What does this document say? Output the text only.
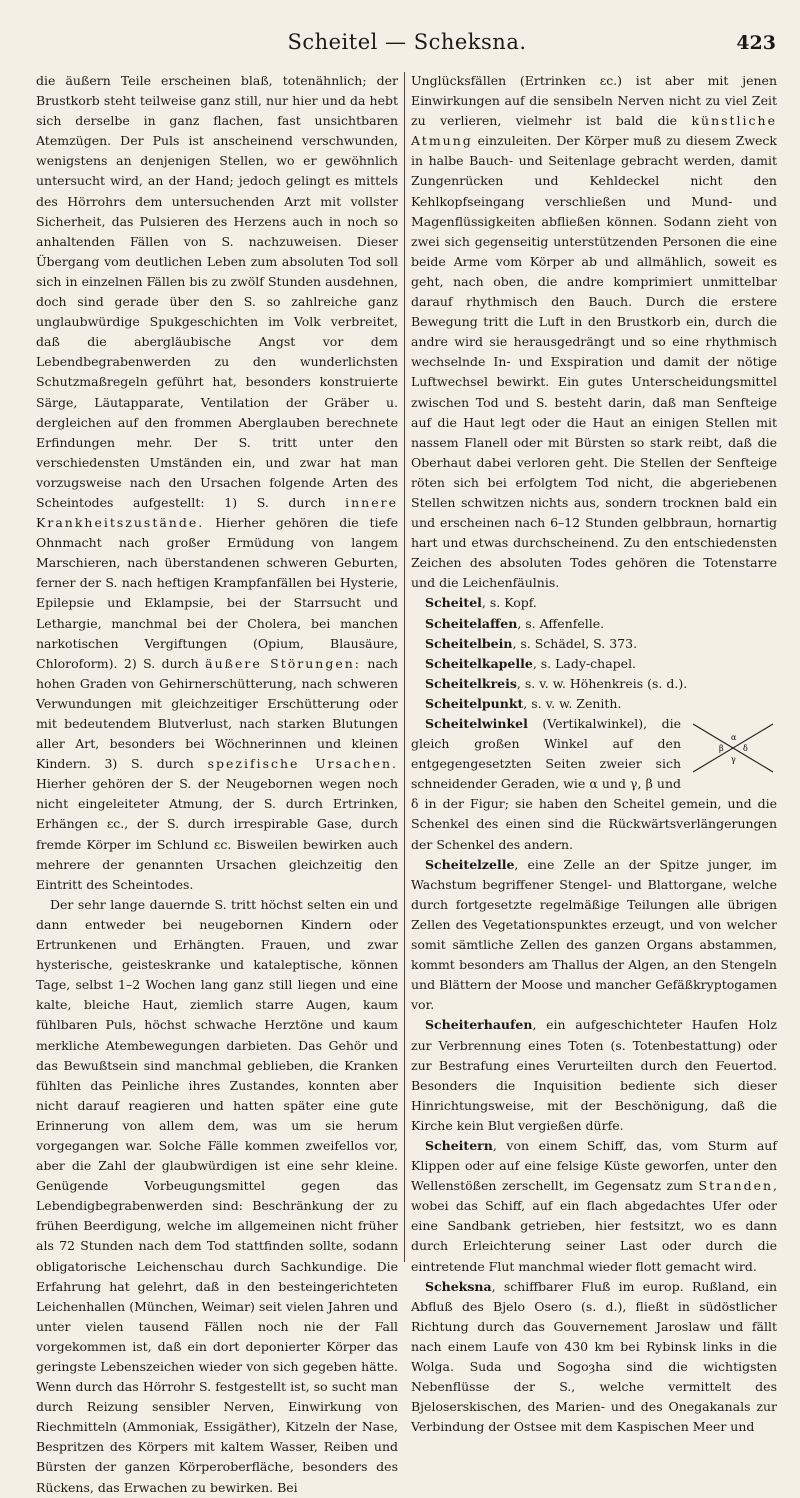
Scheitel — Scheksna.	423

die äußern Teile erscheinen blaß, totenähnlich; der Brustkorb steht teilweise ganz still, nur hier und da hebt sich derselbe in ganz flachen, fast unsichtbaren Atemzügen. Der Puls ist anscheinend verschwunden, wenigstens an denjenigen Stellen, wo er gewöhnlich untersucht wird, an der Hand; jedoch gelingt es mittels des Hörrohrs dem untersuchenden Arzt mit vollster Sicherheit, das Pulsieren des Herzens auch in noch so anhaltenden Fällen von S. nachzuweisen. Dieser Übergang vom deutlichen Leben zum absoluten Tod soll sich in einzelnen Fällen bis zu zwölf Stunden ausdehnen, doch sind gerade über den S. so zahlreiche ganz unglaubwürdige Spukgeschichten im Volk verbreitet, daß die abergläubische Angst vor dem Lebendbegrabenwerden zu den wunderlichsten Schutzmaßregeln geführt hat, besonders konstruierte Särge, Läutapparate, Ventilation der Gräber u. dergleichen auf den frommen Aberglauben berechnete Erfindungen mehr. Der S. tritt unter den verschiedensten Umständen ein, und zwar hat man vorzugsweise nach den Ursachen folgende Arten des Scheintodes aufgestellt: 1) S. durch innere Krankheitszustände. Hierher gehören die tiefe Ohnmacht nach großer Ermüdung von langem Marschieren, nach überstandenen schweren Geburten, ferner der S. nach heftigen Krampfanfällen bei Hysterie, Epilepsie und Eklampsie, bei der Starrsucht und Lethargie, manchmal bei der Cholera, bei manchen narkotischen Vergiftungen (Opium, Blausäure, Chloroform). 2) S. durch äußere Störungen: nach hohen Graden von Gehirnerschütterung, nach schweren Verwundungen mit gleichzeitiger Erschütterung oder mit bedeutendem Blutverlust, nach starken Blutungen aller Art, besonders bei Wöchnerinnen und kleinen Kindern. 3) S. durch spezifische Ursachen. Hierher gehören der S. der Neugebornen wegen noch nicht eingeleiteter Atmung, der S. durch Ertrinken, Erhängen ɛc., der S. durch irrespirable Gase, durch fremde Körper im Schlund ɛc. Bisweilen bewirken auch mehrere der genannten Ursachen gleichzeitig den Eintritt des Scheintodes.

Der sehr lange dauernde S. tritt höchst selten ein und dann entweder bei neugebornen Kindern oder Ertrunkenen und Erhängten. Frauen, und zwar hysterische, geisteskranke und kataleptische, können Tage, selbst 1–2 Wochen lang ganz still liegen und eine kalte, bleiche Haut, ziemlich starre Augen, kaum fühlbaren Puls, höchst schwache Herztöne und kaum merkliche Atembewegungen darbieten. Das Gehör und das Bewußtsein sind manchmal geblieben, die Kranken fühlten das Peinliche ihres Zustandes, konnten aber nicht darauf reagieren und hatten später eine gute Erinnerung von allem dem, was um sie herum vorgegangen war. Solche Fälle kommen zweifellos vor, aber die Zahl der glaubwürdigen ist eine sehr kleine. Genügende Vorbeugungsmittel gegen das Lebendigbegrabenwerden sind: Beschränkung der zu frühen Beerdigung, welche im allgemeinen nicht früher als 72 Stunden nach dem Tod stattfinden sollte, sodann obligatorische Leichenschau durch Sachkundige. Die Erfahrung hat gelehrt, daß in den besteingerichteten Leichenhallen (München, Weimar) seit vielen Jahren und unter vielen tausend Fällen noch nie der Fall vorgekommen ist, daß ein dort deponierter Körper das geringste Lebenszeichen wieder von sich gegeben hätte. Wenn durch das Hörrohr S. festgestellt ist, so sucht man durch Reizung sensibler Nerven, Einwirkung von Riechmitteln (Ammoniak, Essigäther), Kitzeln der Nase, Bespritzen des Körpers mit kaltem Wasser, Reiben und Bürsten der ganzen Körperoberfläche, besonders des Rückens, das Erwachen zu bewirken. Bei

Unglücksfällen (Ertrinken ɛc.) ist aber mit jenen Einwirkungen auf die sensibeln Nerven nicht zu viel Zeit zu verlieren, vielmehr ist bald die künstliche Atmung einzuleiten. Der Körper muß zu diesem Zweck in halbe Bauch- und Seitenlage gebracht werden, damit Zungenrücken und Kehldeckel nicht den Kehlkopfseingang verschließen und Mund- und Magenflüssigkeiten abfließen können. Sodann zieht von zwei sich gegenseitig unterstützenden Personen die eine beide Arme vom Körper ab und allmählich, soweit es geht, nach oben, die andre komprimiert unmittelbar darauf rhythmisch den Bauch. Durch die erstere Bewegung tritt die Luft in den Brustkorb ein, durch die andre wird sie herausgedrängt und so eine rhythmisch wechselnde In- und Exspiration und damit der nötige Luftwechsel bewirkt. Ein gutes Unterscheidungsmittel zwischen Tod und S. besteht darin, daß man Senfteige auf die Haut legt oder die Haut an einigen Stellen mit nassem Flanell oder mit Bürsten so stark reibt, daß die Oberhaut dabei verloren geht. Die Stellen der Senfteige röten sich bei erfolgtem Tod nicht, die abgeriebenen Stellen schwitzen nichts aus, sondern trocknen bald ein und erscheinen nach 6–12 Stunden gelbbraun, hornartig hart und etwas durchscheinend. Zu den entschiedensten Zeichen des absoluten Todes gehören die Totenstarre und die Leichenfäulnis.

Scheitel, s. Kopf.

Scheitelaffen, s. Affenfelle.

Scheitelbein, s. Schädel, S. 373.

Scheitelkapelle, s. Lady-chapel.

Scheitelkreis, s. v. w. Höhenkreis (s. d.).

Scheitelpunkt, s. v. w. Zenith.

α
β
γ
δ
Scheitelwinkel (Vertikalwinkel), die gleich großen Winkel auf den entgegengesetzten Seiten zweier sich schneidender Geraden, wie α und γ, β und δ in der Figur; sie haben den Scheitel gemein, und die Schenkel des einen sind die Rückwärtsverlängerungen der Schenkel des andern.

Scheitelzelle, eine Zelle an der Spitze junger, im Wachstum begriffener Stengel- und Blattorgane, welche durch fortgesetzte regelmäßige Teilungen alle übrigen Zellen des Vegetationspunktes erzeugt, und von welcher somit sämtliche Zellen des ganzen Organs abstammen, kommt besonders am Thallus der Algen, an den Stengeln und Blättern der Moose und mancher Gefäßkryptogamen vor.

Scheiterhaufen, ein aufgeschichteter Haufen Holz zur Verbrennung eines Toten (s. Totenbestattung) oder zur Bestrafung eines Verurteilten durch den Feuertod. Besonders die Inquisition bediente sich dieser Hinrichtungsweise, mit der Beschönigung, daß die Kirche kein Blut vergießen dürfe.

Scheitern, von einem Schiff, das, vom Sturm auf Klippen oder auf eine felsige Küste geworfen, unter den Wellenstößen zerschellt, im Gegensatz zum Stranden, wobei das Schiff, auf ein flach abgedachtes Ufer oder eine Sandbank getrieben, hier festsitzt, wo es dann durch Erleichterung seiner Last oder durch die eintretende Flut manchmal wieder flott gemacht wird.

Scheksna, schiffbarer Fluß im europ. Rußland, ein Abfluß des Bjelo Osero (s. d.), fließt in südöstlicher Richtung durch das Gouvernement Jaroslaw und fällt nach einem Laufe von 430 km bei Rybinsk links in die Wolga. Suda und Sogoȝha sind die wichtigsten Nebenflüsse der S., welche vermittelt des Bjeloserskischen, des Marien- und des Onegakanals zur Verbindung der Ostsee mit dem Kaspischen Meer und
